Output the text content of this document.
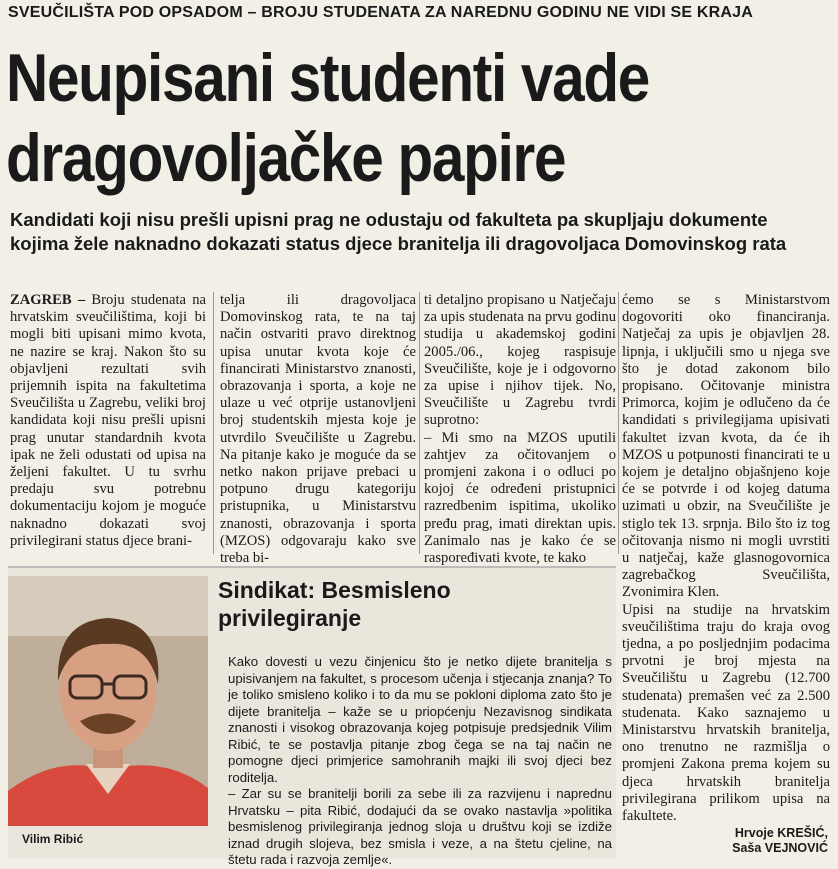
SVEUČILIŠTA POD OPSADOM – BROJU STUDENATA ZA NAREDNU GODINU NE VIDI SE KRAJA
Neupisani studenti vade
dragovoljačke papire
Kandidati koji nisu prešli upisni prag ne odustaju od fakulteta pa skupljaju dokumente kojima žele naknadno dokazati status djece branitelja ili dragovoljaca Domovinskog rata
ZAGREB – Broju studenata na hrvatskim sveučilištima, koji bi mogli biti upisani mimo kvota, ne nazire se kraj. Nakon što su objavljeni rezultati svih prijemnih ispita na fakultetima Sveučilišta u Zagrebu, veliki broj kandidata koji nisu prešli upisni prag unutar standardnih kvota ipak ne želi odustati od upisa na željeni fakultet. U tu svrhu predaju svu potrebnu dokumentaciju kojom je moguće naknadno dokazati svoj privilegirani status djece brani-
telja ili dragovoljaca Domovinskog rata, te na taj način ostvariti pravo direktnog upisa unutar kvota koje će financirati Ministarstvo znanosti, obrazovanja i sporta, a koje ne ulaze u već otprije ustanovljeni broj studentskih mjesta koje je utvrdilo Sveučilište u Zagrebu. Na pitanje kako je moguće da se netko nakon prijave prebaci u potpuno drugu kategoriju pristupnika, u Ministarstvu znanosti, obrazovanja i sporta (MZOS) odgovaraju kako sve treba bi-
ti detaljno propisano u Natječaju za upis studenata na prvu godinu studija u akademskoj godini 2005./06., kojeg raspisuje Sveučilište, koje je i odgovorno za upise i njihov tijek. No, Sveučilište u Zagrebu tvrdi suprotno:
– Mi smo na MZOS uputili zahtjev za očitovanjem o promjeni zakona i o odluci po kojoj će određeni pristupnici razredbenim ispitima, ukoliko pređu prag, imati direktan upis. Zanimalo nas je kako će se raspoređivati kvote, te kako
ćemo se s Ministarstvom dogovoriti oko financiranja. Natječaj za upis je objavljen 28. lipnja, i uključili smo u njega sve što je dotad zakonom bilo propisano. Očitovanje ministra Primorca, kojim je odlučeno da će kandidati s privilegijama upisivati fakultet izvan kvota, da će ih MZOS u potpunosti financirati te u kojem je detaljno objašnjeno koje će se potvrde i od kojeg datuma uzimati u obzir, na Sveučilište je stiglo tek 13. srpnja. Bilo što iz tog očitovanja nismo ni mogli uvrstiti u natječaj, kaže glasnogovornica zagrebačkog Sveučilišta, Zvonimira Klen.
Upisi na studije na hrvatskim sveučilištima traju do kraja ovog tjedna, a po posljednjim podacima prvotni je broj mjesta na Sveučilištu u Zagrebu (12.700 studenata) premašen već za 2.500 studenata. Kako saznajemo u Ministarstvu hrvatskih branitelja, ono trenutno ne razmišlja o promjeni Zakona prema kojem su djeca hrvatskih branitelja privilegirana prilikom upisa na fakultete.
Vilim Ribić
Sindikat: Besmisleno
privilegiranje
Kako dovesti u vezu činjenicu što je netko dijete branitelja s upisivanjem na fakultet, s procesom učenja i stjecanja znanja? To je toliko smisleno koliko i to da mu se pokloni diploma zato što je dijete branitelja – kaže se u priopćenju Nezavisnog sindikata znanosti i visokog obrazovanja kojeg potpisuje predsjednik Vilim Ribić, te se postavlja pitanje zbog čega se na taj način ne pomogne djeci primjerice samohranih majki ili svoj djeci bez roditelja.
– Zar su se branitelji borili za sebe ili za razvijenu i naprednu Hrvatsku – pita Ribić, dodajući da se ovako nastavlja »politika besmislenog privilegiranja jednog sloja u društvu koji se izdiže iznad drugih slojeva, bez smisla i veze, a na štetu cjeline, na štetu rada i razvoja zemlje«.
Hrvoje KREŠIĆ,
Saša VEJNOVIĆ
